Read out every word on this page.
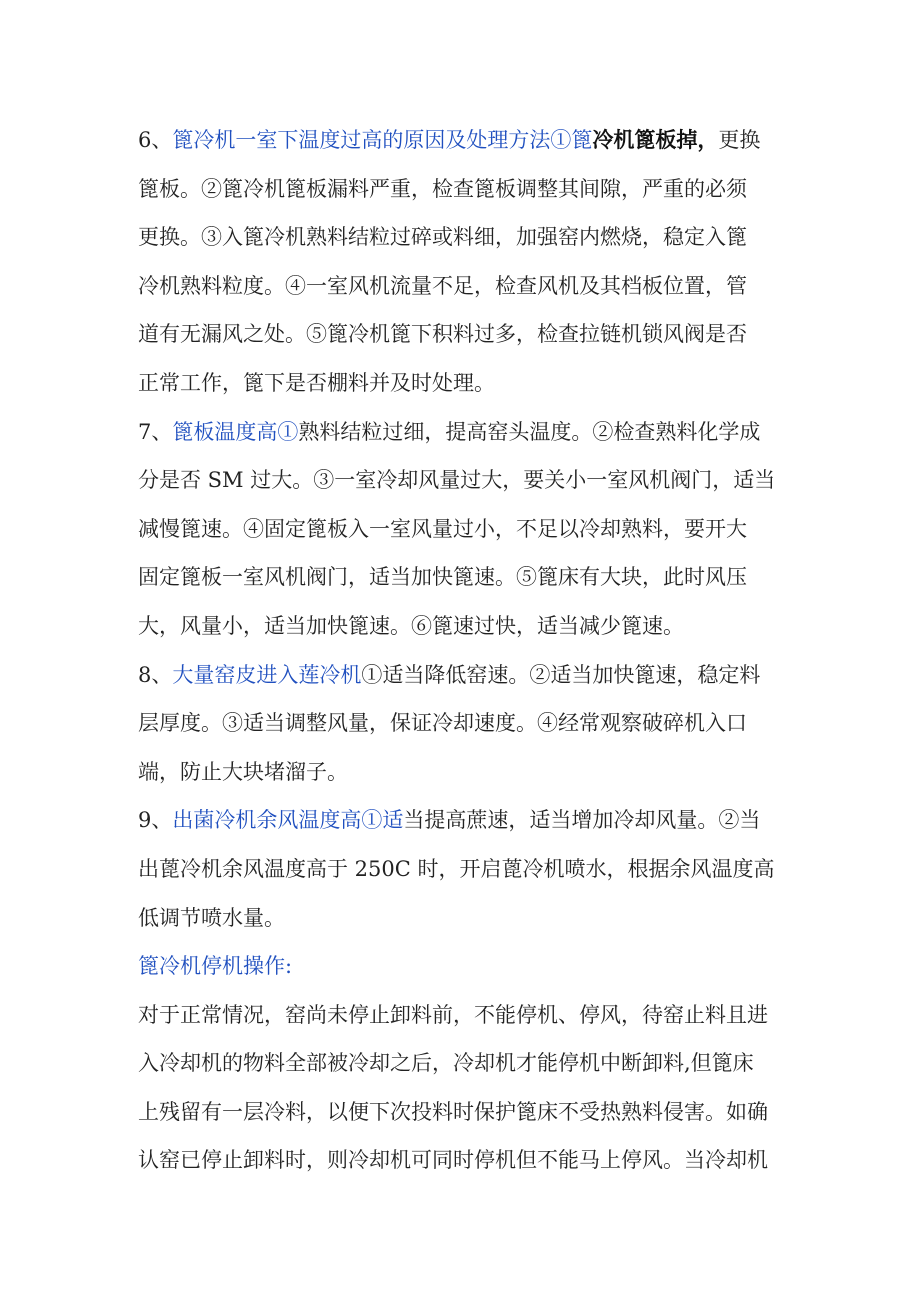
6、篦冷机一室下温度过高的原因及处理方法①篦冷机篦板掉，更换
篦板。②篦冷机篦板漏料严重，检查篦板调整其间隙，严重的必须
更换。③入篦冷机熟料结粒过碎或料细，加强窑内燃烧，稳定入篦
冷机熟料粒度。④一室风机流量不足，检查风机及其档板位置，管
道有无漏风之处。⑤篦冷机篦下积料过多，检查拉链机锁风阀是否
正常工作，篦下是否棚料并及时处理。
7、篦板温度高①熟料结粒过细，提高窑头温度。②检查熟料化学成
分是否 SM 过大。③一室冷却风量过大，要关小一室风机阀门，适当
减慢篦速。④固定篦板入一室风量过小，不足以冷却熟料，要开大
固定篦板一室风机阀门，适当加快篦速。⑤篦床有大块，此时风压
大，风量小，适当加快篦速。⑥篦速过快，适当减少篦速。
8、大量窑皮进入莲冷机①适当降低窑速。②适当加快篦速，稳定料
层厚度。③适当调整风量，保证冷却速度。④经常观察破碎机入口
端，防止大块堵溜子。
9、出菌冷机余风温度高①适当提高蔗速，适当增加冷却风量。②当
出蓖冷机余风温度高于 250C 时，开启蓖冷机喷水，根据余风温度高
低调节喷水量。
篦冷机停机操作:
对于正常情况，窑尚未停止卸料前，不能停机、停风，待窑止料且进
入冷却机的物料全部被冷却之后，冷却机才能停机中断卸料,但篦床
上残留有一层冷料，以便下次投料时保护篦床不受热熟料侵害。如确
认窑已停止卸料时，则冷却机可同时停机但不能马上停风。当冷却机
